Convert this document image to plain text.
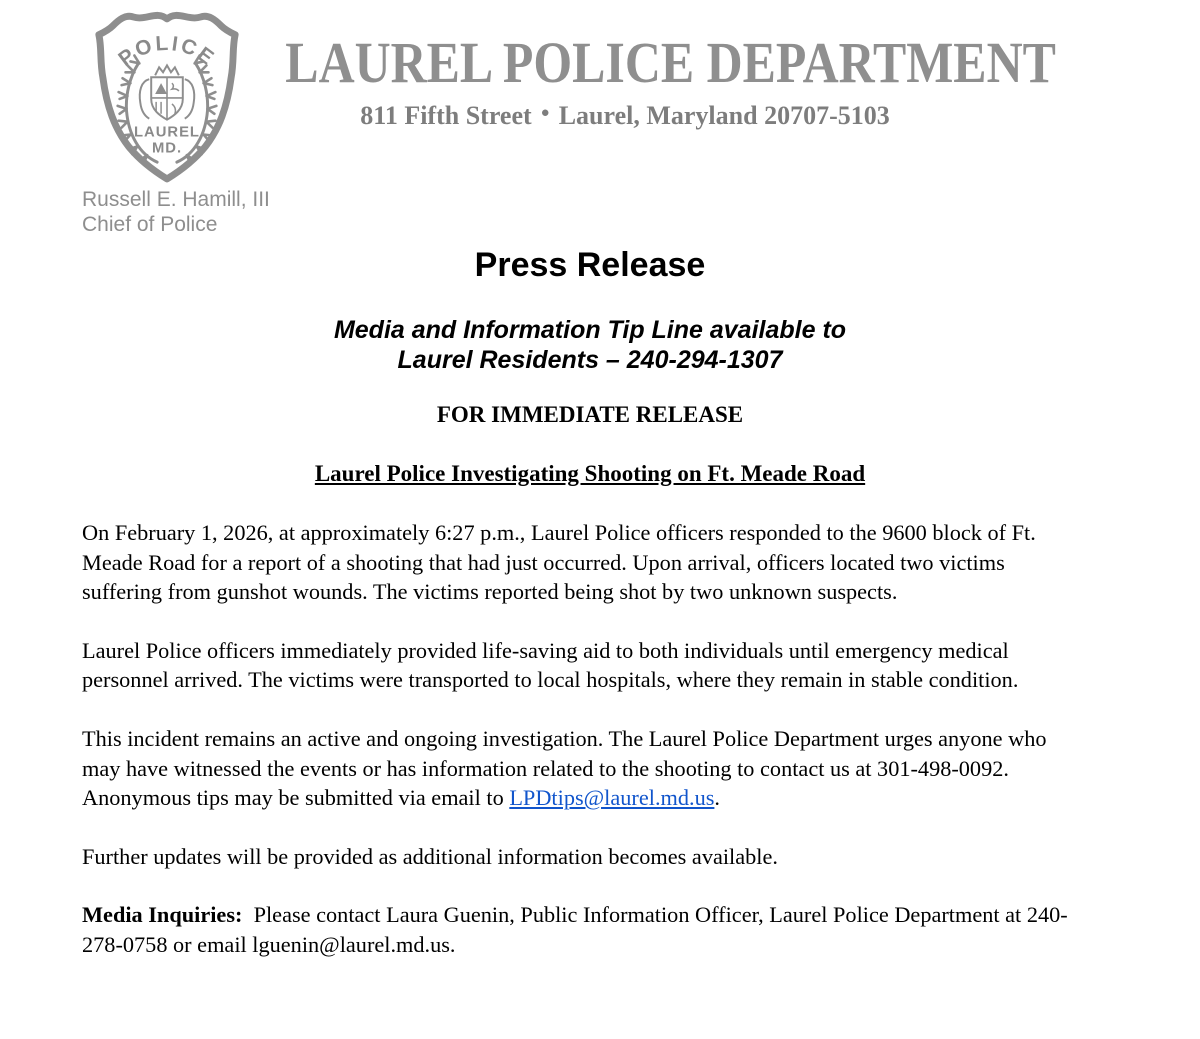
POLICE
LAUREL
MD.
LAUREL POLICE DEPARTMENT
811 Fifth Street ● Laurel, Maryland 20707-5103
Russell E. Hamill, III
Chief of Police
Press Release
Media and Information Tip Line available to
Laurel Residents – 240-294-1307
FOR IMMEDIATE RELEASE
Laurel Police Investigating Shooting on Ft. Meade Road

On February 1, 2026, at approximately 6:27 p.m., Laurel Police officers responded to the 9600 block of Ft. Meade Road for a report of a shooting that had just occurred. Upon arrival, officers located two victims suffering from gunshot wounds. The victims reported being shot by two unknown suspects.

Laurel Police officers immediately provided life-saving aid to both individuals until emergency medical personnel arrived. The victims were transported to local hospitals, where they remain in stable condition.

This incident remains an active and ongoing investigation. The Laurel Police Department urges anyone who may have witnessed the events or has information related to the shooting to contact us at 301-498-0092. Anonymous tips may be submitted via email to LPDtips@laurel.md.us.

Further updates will be provided as additional information becomes available.

Media Inquiries:  Please contact Laura Guenin, Public Information Officer, Laurel Police Department at 240-278-0758 or email lguenin@laurel.md.us.
